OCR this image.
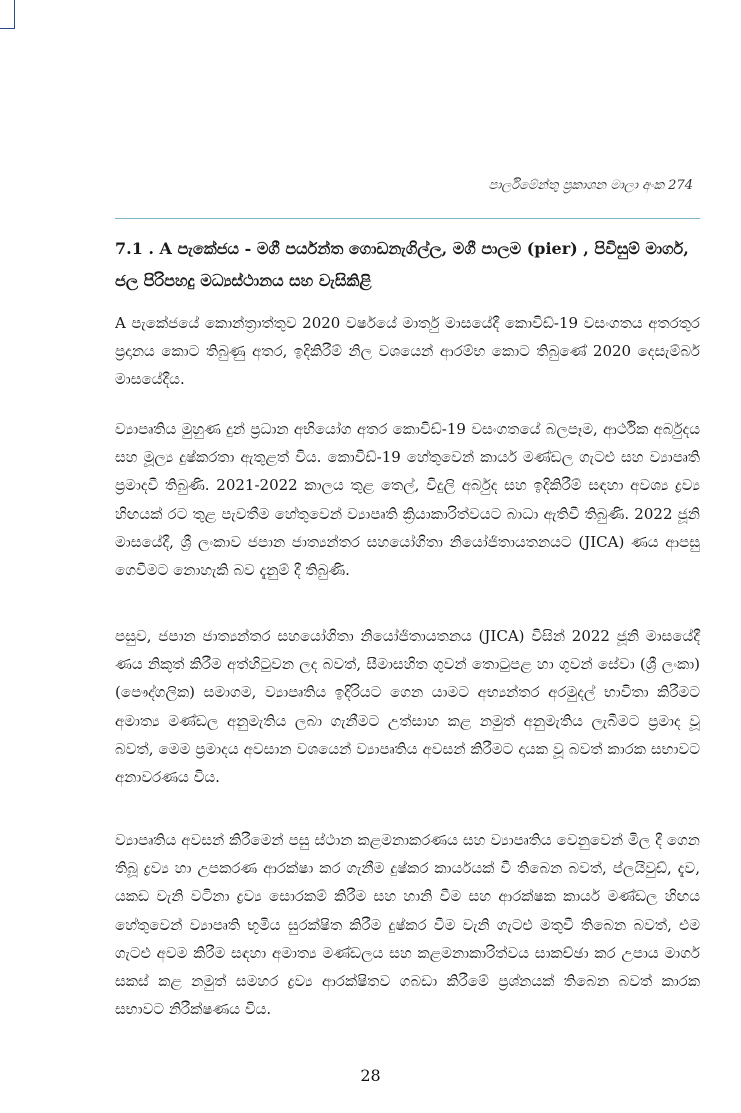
පාර්ලිමේන්තු ප්‍රකාශන මාලා අංක 274
7.1 . A පැකේජය - මගී පර්යන්ත ගොඩනැගිල්ල, මගී පාලම (pier) , පිවිසුම් මාර්ග, ජල පිරිපහදු මධ්‍යස්ථානය සහ වැසිකිළි

A පැකේජයේ කොන්ත්‍රාත්තුව 2020 වර්ෂයේ මාර්තු මාසයේදී කොවිඩ්-19 වසංගතය අතරතුර ප්‍රදානය කොට තිබුණු අතර, ඉදිකිරීම් නිල වශයෙන් ආරම්භ කොට තිබුණේ 2020 දෙසැම්බර් මාසයේදීය.

ව්‍යාපෘතිය මුහුණ දුන් ප්‍රධාන අභියෝග අතර කොවිඩ්-19 වසංගතයේ බලපෑම, ආර්ථික අර්බුදය සහ මූල්‍ය දුෂ්කරතා ඇතුළත් විය. කොවිඩ්-19 හේතුවෙන් කාර්ය මණ්ඩල ගැටළු සහ ව්‍යාපෘති ප්‍රමාදවී තිබුණි. 2021-2022 කාලය තුළ තෙල්, විදුලි අර්බුද සහ ඉදිකිරීම් සඳහා අවශ්‍ය ද්‍රව්‍ය හිඟයක් රට තුළ පැවතීම හේතුවෙන් ව්‍යාපෘති ක්‍රියාකාරිත්වයට බාධා ඇතිවී තිබුණි. 2022 ජූනි මාසයේදී, ශ්‍රී ලංකාව ජපාන ජාත්‍යන්තර සහයෝගිතා නියෝජිතායතනයට (JICA) ණය ආපසු ගෙවීමට නොහැකි බව දැනුම් දී තිබුණි.

පසුව, ජපාන ජාත්‍යන්තර සහයෝගිතා නියෝජිතායතනය (JICA) විසින් 2022 ජූනි මාසයේදී ණය නිකුත් කිරීම අත්හිටුවන ලද බවත්, සීමාසහිත ගුවන් තොටුපළ හා ගුවන් සේවා (ශ්‍රී ලංකා) (පෞද්ගලික) සමාගම, ව්‍යාපෘතිය ඉදිරියට ගෙන යාමට අභ්‍යන්තර අරමුදල් භාවිතා කිරීමට අමාත්‍ය මණ්ඩල අනුමැතිය ලබා ගැනීමට උත්සාහ කළ නමුත් අනුමැතිය ලැබීමට ප්‍රමාද වූ බවත්, මෙම ප්‍රමාදය අවසාන වශයෙන් ව්‍යාපෘතිය අවසන් කිරීමට දායක වූ බවත් කාරක සභාවට අනාවරණය විය.

ව්‍යාපෘතිය අවසන් කිරීමෙන් පසු ස්ථාන කළමනාකරණය සහ ව්‍යාපෘතිය වෙනුවෙන් මිල දී ගෙන තිබූ ද්‍රව්‍ය හා උපකරණ ආරක්ෂා කර ගැනීම දුෂ්කර කාර්යයක් වී තිබෙන බවත්, ප්ලයිවුඩ්, දැව, යකඩ වැනි වටිනා ද්‍රව්‍ය සොරකම් කිරීම සහ හානි වීම සහ ආරක්ෂක කාර්ය මණ්ඩල හිඟය හේතුවෙන් ව්‍යාපෘති භූමිය සුරක්ෂිත කිරීම දුෂ්කර වීම වැනි ගැටළු මතුවී තිබෙන බවත්, එම ගැටළු අවම කිරීම සඳහා අමාත්‍ය මණ්ඩලය සහ කළමනාකාරිත්වය සාකච්ඡා කර උපාය මාර්ග සකස් කළ නමුත් සමහර ද්‍රව්‍ය ආරක්ෂිතව ගබඩා කිරීමේ ප්‍රශ්නයක් තිබෙන බවත් කාරක සභාවට නිරීක්ෂණය විය.

28
